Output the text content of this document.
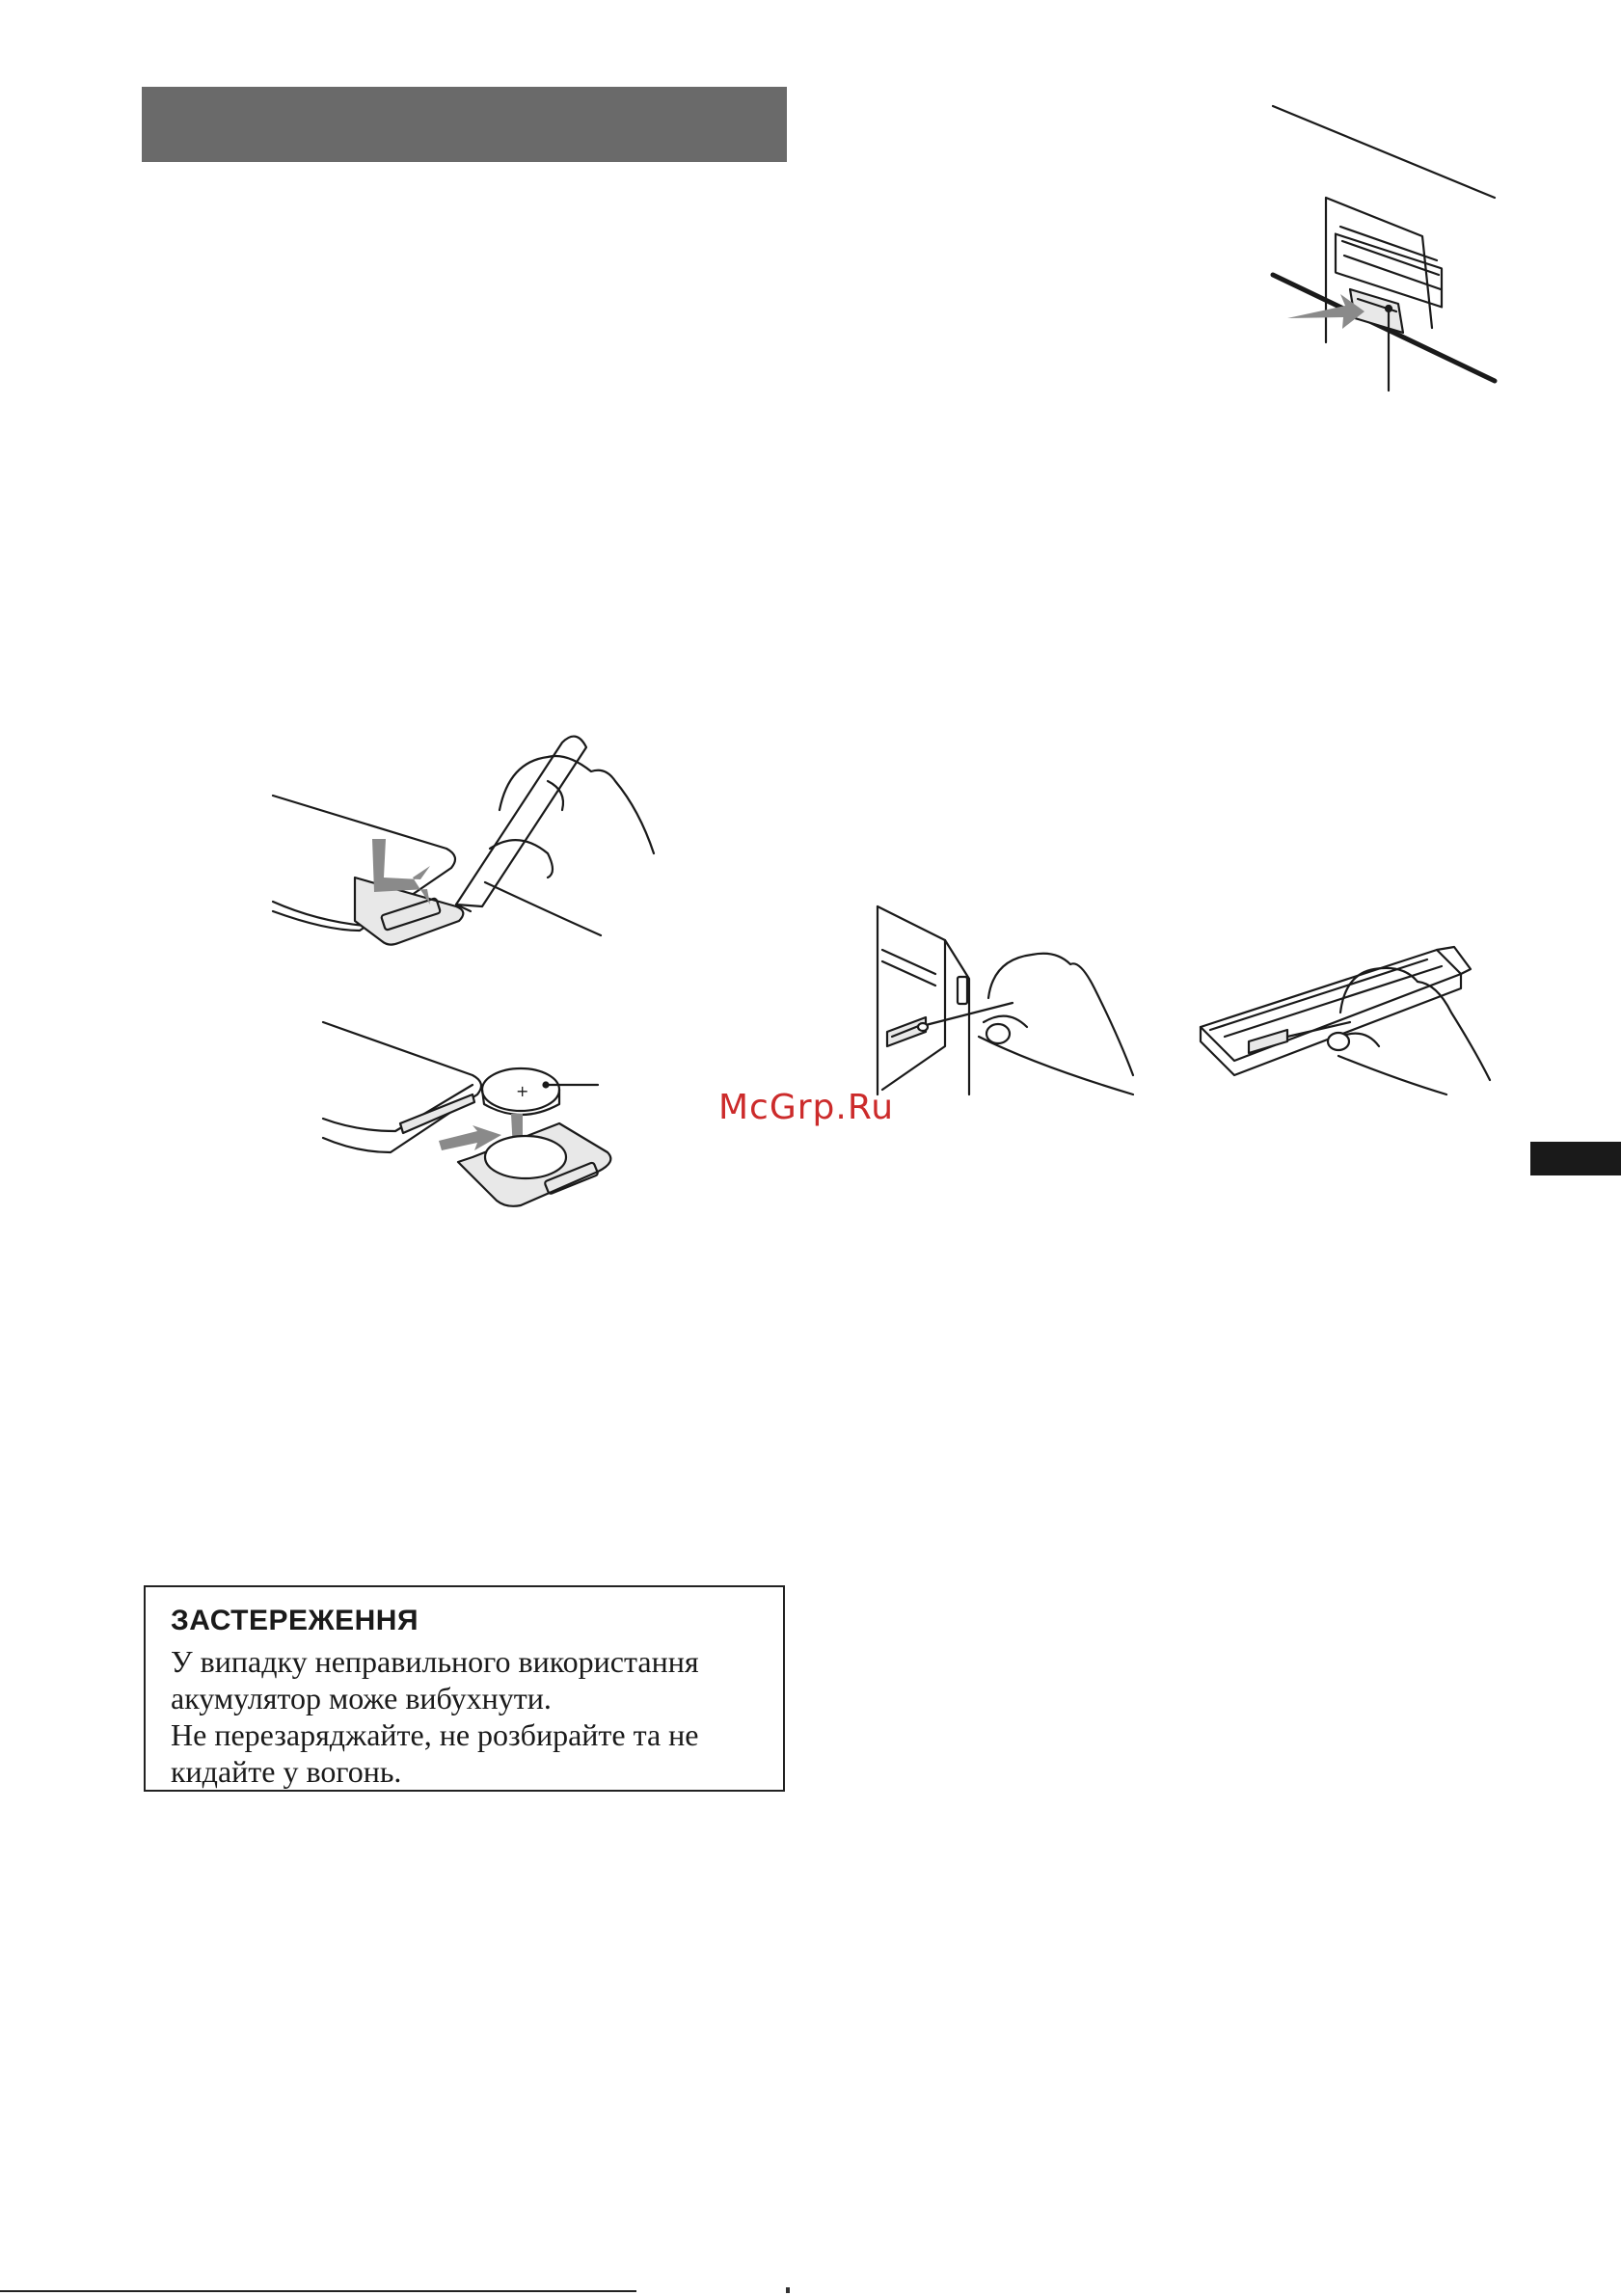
+	McGrp.Ru
ЗАСТЕРЕЖЕННЯ
У випадку неправильного використання
акумулятор може вибухнути.
Не перезаряджайте, не розбирайте та не
кидайте у вогонь.
